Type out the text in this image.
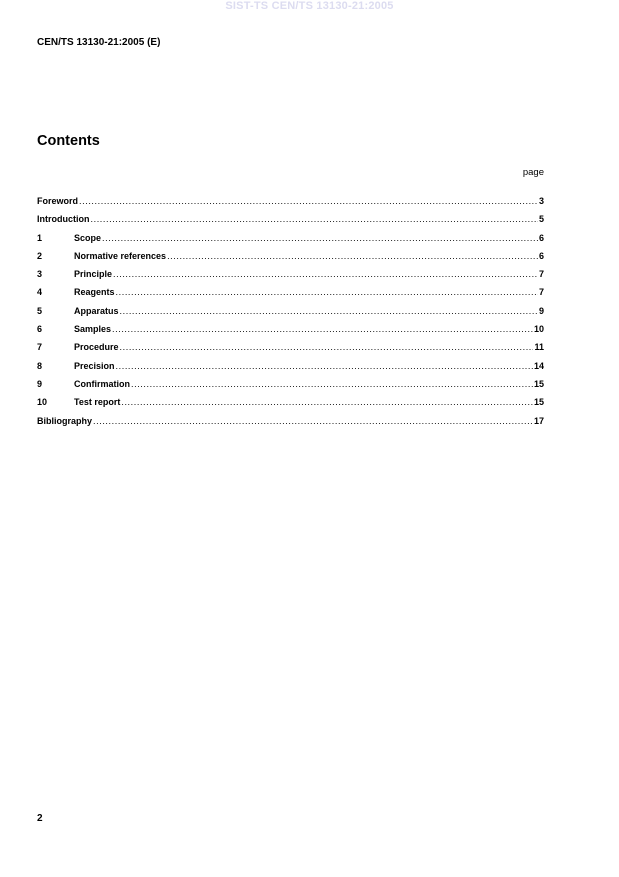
SIST-TS CEN/TS 13130-21:2005
CEN/TS 13130-21:2005 (E)
Contents
page
Foreword .....	3
Introduction .....	5
1	Scope .....	6
2	Normative references .....	6
3	Principle .....	7
4	Reagents .....	7
5	Apparatus .....	9
6	Samples .....	10
7	Procedure .....	11
8	Precision .....	14
9	Confirmation .....	15
10	Test report .....	15
Bibliography .....	17
2
